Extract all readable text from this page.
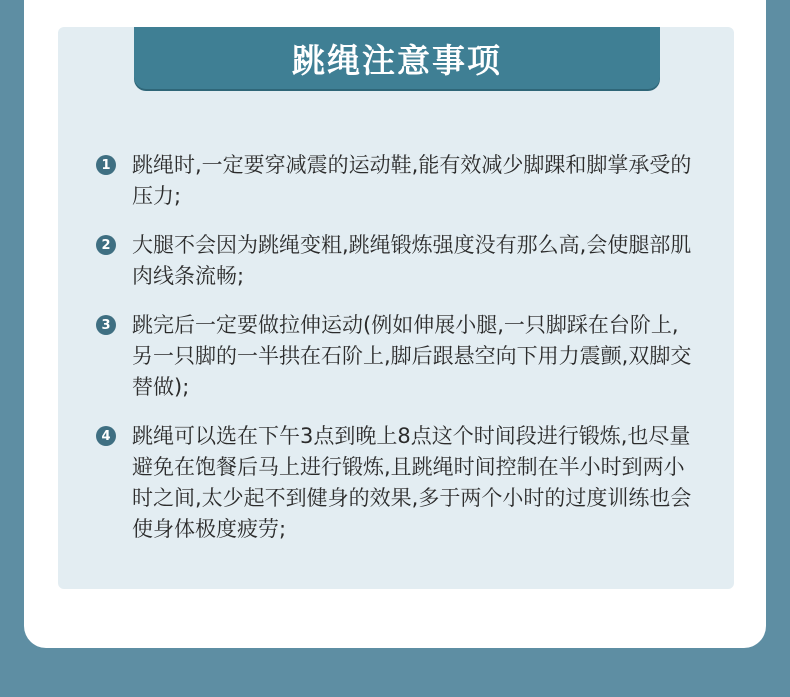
1 跳绳时,一定要穿减震的运动鞋,能有效减少脚踝和脚掌承受的压力;
2 大腿不会因为跳绳变粗,跳绳锻炼强度没有那么高,会使腿部肌肉线条流畅;
3 跳完后一定要做拉伸运动(例如伸展小腿,一只脚踩在台阶上,另一只脚的一半拱在石阶上,脚后跟悬空向下用力震颤,双脚交替做);
4 跳绳可以选在下午3点到晚上8点这个时间段进行锻炼,也尽量避免在饱餐后马上进行锻炼,且跳绳时间控制在半小时到两小时之间,太少起不到健身的效果,多于两个小时的过度训练也会使身体极度疲劳;
跳绳注意事项
